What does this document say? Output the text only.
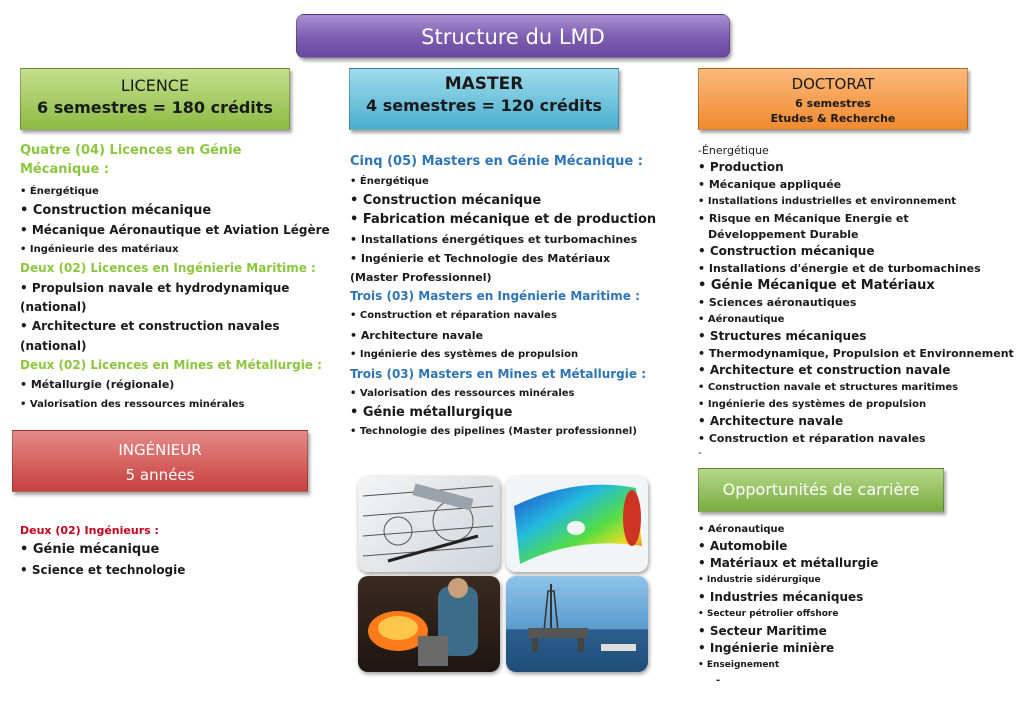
Structure du LMD
LICENCE
6 semestres = 180 crédits
Quatre (04) Licences en Génie
Mécanique :
• Énergétique
• Construction mécanique
• Mécanique Aéronautique et Aviation Légère
• Ingénieurie des matériaux
Deux (02) Licences en Ingénierie Maritime :
• Propulsion navale et hydrodynamique
(national)
• Architecture et construction navales
(national)
Deux (02) Licences en Mines et Métallurgie :
• Métallurgie (régionale)
• Valorisation des ressources minérales
INGÉNIEUR
5 années
Deux (02) Ingénieurs :
• Génie mécanique
• Science et technologie
MASTER
4 semestres = 120 crédits
Cinq (05) Masters en Génie Mécanique :
• Énergétique
• Construction mécanique
• Fabrication mécanique et de production
• Installations énergétiques et turbomachines
• Ingénierie et Technologie des Matériaux
(Master Professionnel)
Trois (03) Masters en Ingénierie Maritime :
• Construction et réparation navales
• Architecture navale
• Ingénierie des systèmes de propulsion
Trois (03) Masters en Mines et Métallurgie :
• Valorisation des ressources minérales
• Génie métallurgique
• Technologie des pipelines (Master professionnel)
DOCTORAT
6 semestres
Etudes & Recherche
-Énergétique
• Production
• Mécanique appliquée
• Installations industrielles et environnement
• Risque en Mécanique Energie et
Développement Durable
• Construction mécanique
• Installations d'énergie et de turbomachines
• Génie Mécanique et Matériaux
• Sciences aéronautiques
• Aéronautique
• Structures mécaniques
• Thermodynamique, Propulsion et Environnement
• Architecture et construction navale
• Construction navale et structures maritimes
• Ingénierie des systèmes de propulsion
• Architecture navale
• Construction et réparation navales
-
Opportunités de carrière
• Aéronautique
• Automobile
• Matériaux et métallurgie
• Industrie sidérurgique
• Industries mécaniques
• Secteur pétrolier offshore
• Secteur Maritime
• Ingénierie minière
• Enseignement
-
